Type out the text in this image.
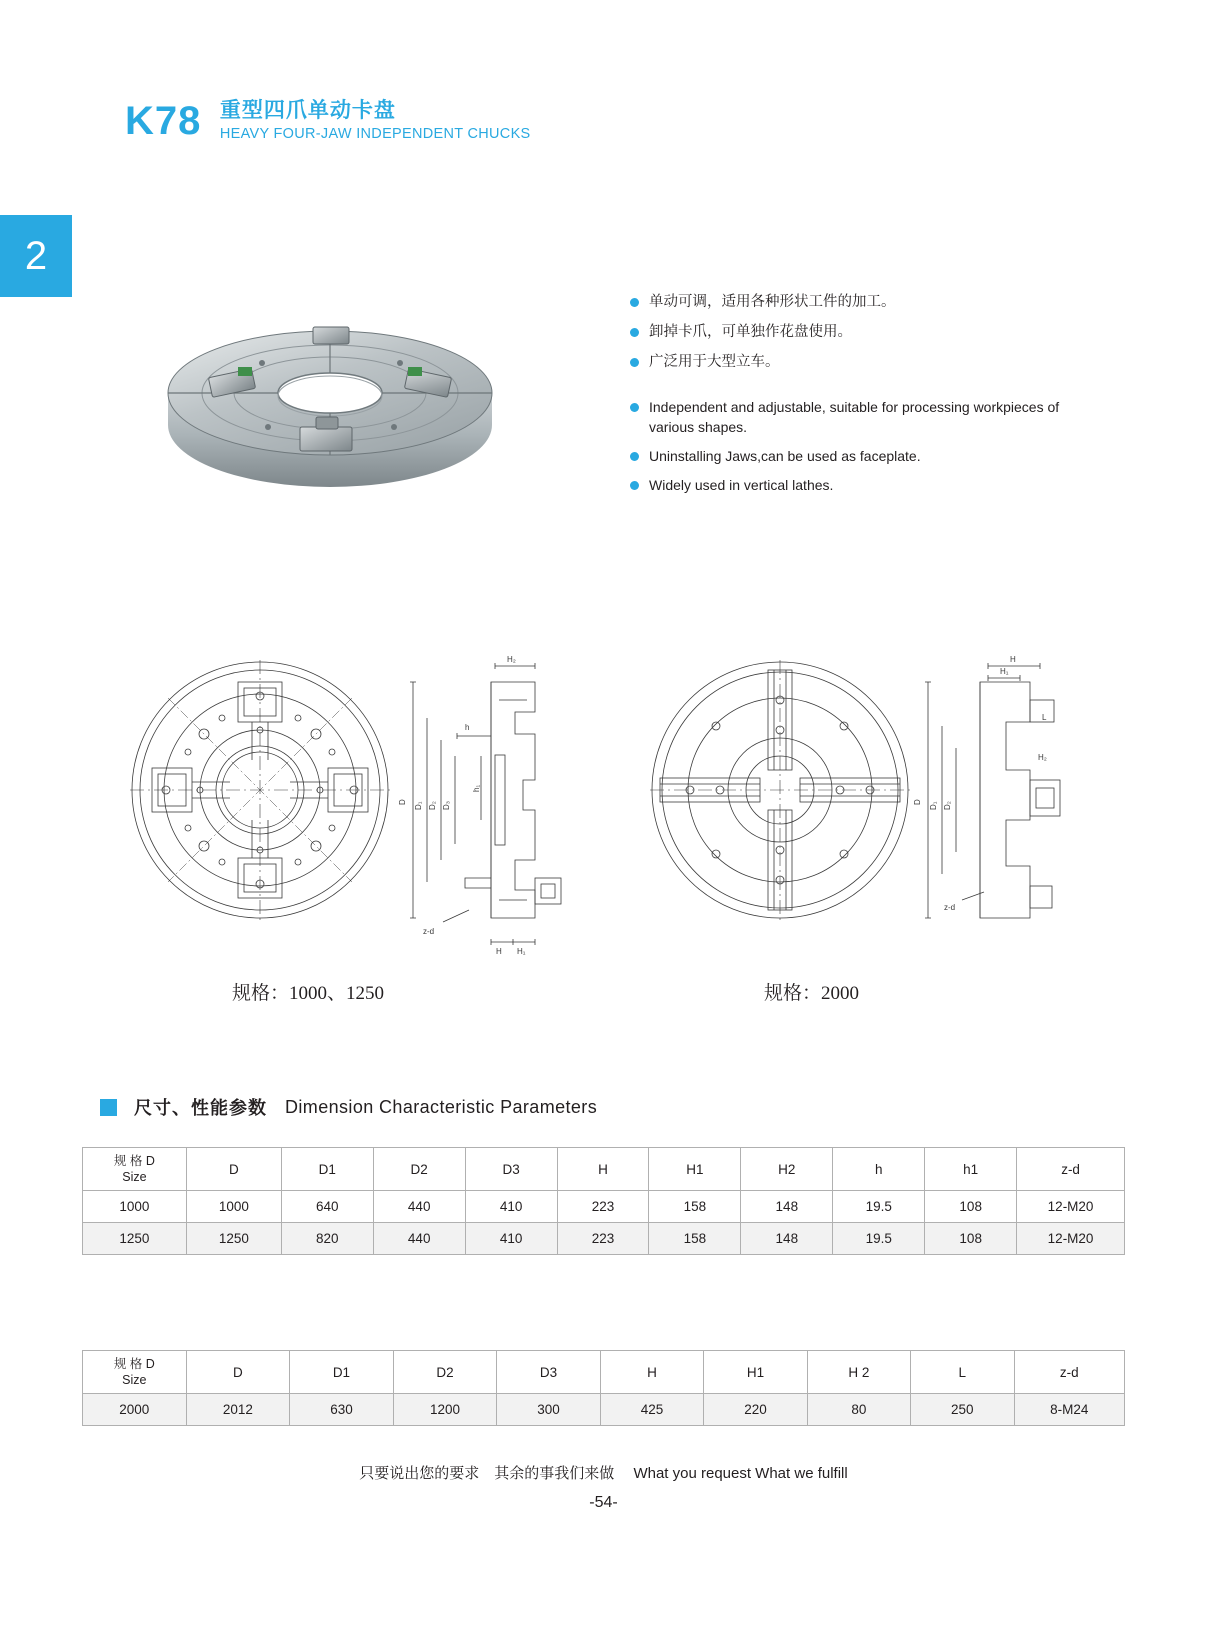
2
K78 重型四爪单动卡盘
HEAVY FOUR-JAW INDEPENDENT CHUCKS
单动可调，适用各种形状工件的加工。
卸掉卡爪，可单独作花盘使用。
广泛用于大型立车。
Independent and adjustable, suitable for processing workpieces of various shapes.
Uninstalling Jaws,can be used as faceplate.
Widely used in vertical lathes.
D D₁ D₂ D₃
H₂
h
h₁
z-d
H H₁
D D₁ D₂
H
H₁
L
H₂
z-d
规格：1000、1250	规格：2000
尺寸、性能参数 Dimension Characteristic Parameters
规 格 D
Size	D	D1	D2	D3	H	H1	H2	h	h1	z-d
1000	1000	640	440	410	223	158	148	19.5	108	12-M20
1250	1250	820	440	410	223	158	148	19.5	108	12-M20
规 格 D
Size	D	D1	D2	D3	H	H1	H 2	L	z-d
2000	2012	630	1200	300	425	220	80	250	8-M24
只要说出您的要求　其余的事我们来做　 What you request What we fulfill
-54-
